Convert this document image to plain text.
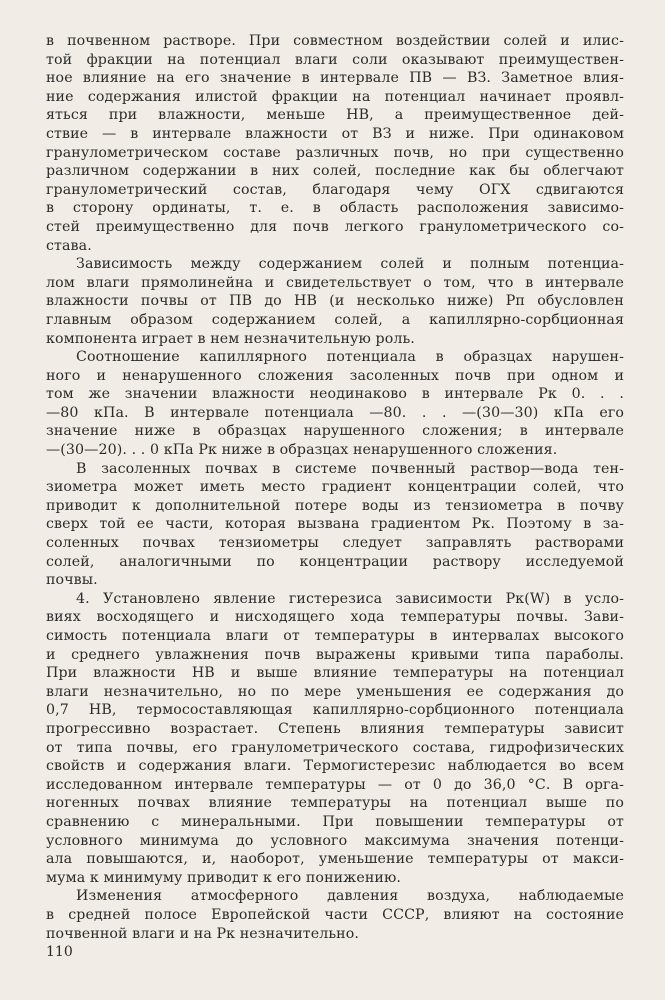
в почвенном растворе. При совместном воздействии солей и илис-
той фракции на потенциал влаги соли оказывают преимуществен-
ное влияние на его значение в интервале ПВ — ВЗ. Заметное влия-
ние содержания илистой фракции на потенциал начинает проявл-
яться при влажности, меньше НВ, а преимущественное дей-
ствие — в интервале влажности от ВЗ и ниже. При одинаковом
гранулометрическом составе различных почв, но при существенно
различном содержании в них солей, последние как бы облегчают
гранулометрический состав, благодаря чему ОГХ сдвигаются
в сторону ординаты, т. е. в область расположения зависимо-
стей преимущественно для почв легкого гранулометрического со-
става.
Зависимость между содержанием солей и полным потенциа-
лом влаги прямолинейна и свидетельствует о том, что в интервале
влажности почвы от ПВ до НВ (и несколько ниже) Рп обусловлен
главным образом содержанием солей, а капиллярно-сорбционная
компонента играет в нем незначительную роль.
Соотношение капиллярного потенциала в образцах нарушен-
ного и ненарушенного сложения засоленных почв при одном и
том же значении влажности неодинаково в интервале Рк 0. . .
—80 кПа. В интервале потенциала —80. . . —(30—30) кПа его
значение ниже в образцах нарушенного сложения; в интервале
—(30—20). . . 0 кПа Рк ниже в образцах ненарушенного сложения.
В засоленных почвах в системе почвенный раствор—вода тен-
зиометра может иметь место градиент концентрации солей, что
приводит к дополнительной потере воды из тензиометра в почву
сверх той ее части, которая вызвана градиентом Рк. Поэтому в за-
соленных почвах тензиометры следует заправлять растворами
солей, аналогичными по концентрации раствору исследуемой
почвы.
4. Установлено явление гистерезиса зависимости Рк(W) в усло-
виях восходящего и нисходящего хода температуры почвы. Зави-
симость потенциала влаги от температуры в интервалах высокого
и среднего увлажнения почв выражены кривыми типа параболы.
При влажности НВ и выше влияние температуры на потенциал
влаги незначительно, но по мере уменьшения ее содержания до
0,7 НВ, термосоставляющая капиллярно-сорбционного потенциала
прогрессивно возрастает. Степень влияния температуры зависит
от типа почвы, его гранулометрического состава, гидрофизических
свойств и содержания влаги. Термогистерезис наблюдается во всем
исследованном интервале температуры — от 0 до 36,0 °С. В орга-
ногенных почвах влияние температуры на потенциал выше по
сравнению с минеральными. При повышении температуры от
условного минимума до условного максимума значения потенци-
ала повышаются, и, наоборот, уменьшение температуры от макси-
мума к минимуму приводит к его понижению.
Изменения атмосферного давления воздуха, наблюдаемые
в средней полосе Европейской части СССР, влияют на состояние
почвенной влаги и на Рк незначительно.
110
